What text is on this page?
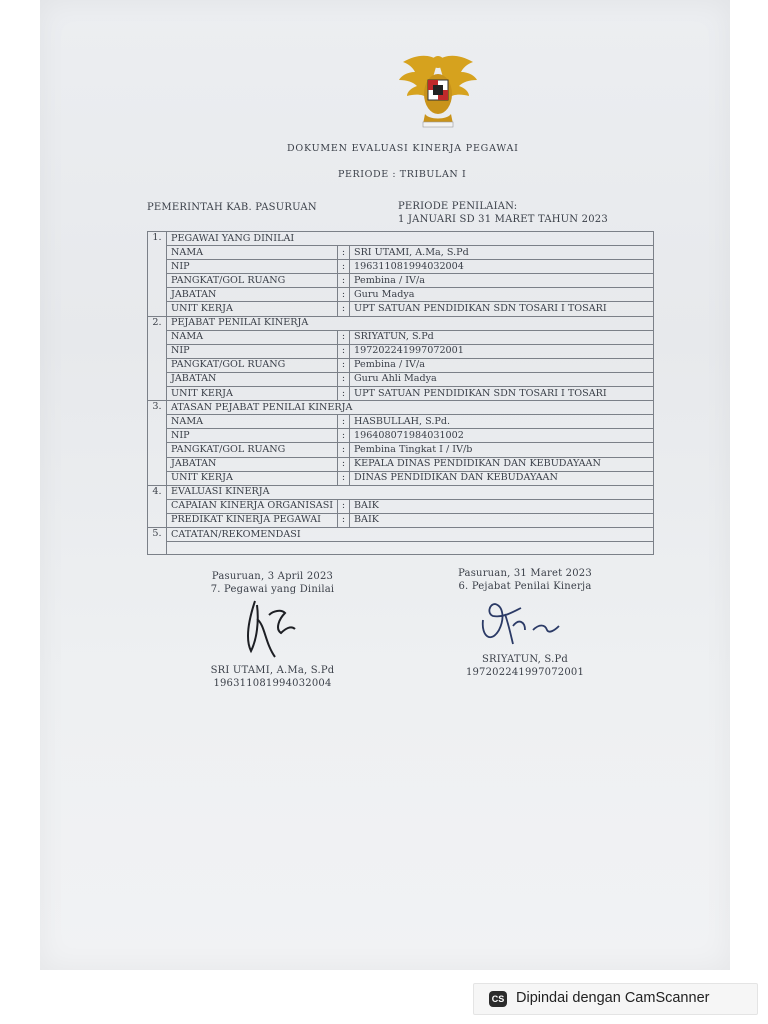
DOKUMEN EVALUASI KINERJA PEGAWAI
PERIODE : TRIBULAN I
PEMERINTAH KAB. PASURUAN	PERIODE PENILAIAN:
1 JANUARI SD 31 MARET TAHUN 2023
Pasuruan, 3 April 2023
7. Pegawai yang Dinilai
SRI UTAMI, A.Ma, S.Pd
196311081994032004
Pasuruan, 31 Maret 2023
6. Pejabat Penilai Kinerja
SRIYATUN, S.Pd
197202241997072001
1.	PEGAWAI YANG DINILAI		
	NAMA	:	SRI UTAMI, A.Ma, S.Pd
	NIP	:	196311081994032004
	PANGKAT/GOL RUANG	:	Pembina / IV/a
	JABATAN	:	Guru Madya
	UNIT KERJA	:	UPT SATUAN PENDIDIKAN SDN TOSARI I TOSARI
2.	PEJABAT PENILAI KINERJA		
	NAMA	:	SRIYATUN, S.Pd
	NIP	:	197202241997072001
	PANGKAT/GOL RUANG	:	Pembina / IV/a
	JABATAN	:	Guru Ahli Madya
	UNIT KERJA	:	UPT SATUAN PENDIDIKAN SDN TOSARI I TOSARI
3.	ATASAN PEJABAT PENILAI KINERJA		
	NAMA	:	HASBULLAH, S.Pd.
	NIP	:	196408071984031002
	PANGKAT/GOL RUANG	:	Pembina Tingkat I / IV/b
	JABATAN	:	KEPALA DINAS PENDIDIKAN DAN KEBUDAYAAN
	UNIT KERJA	:	DINAS PENDIDIKAN DAN KEBUDAYAAN
4.	EVALUASI KINERJA		
	CAPAIAN KINERJA ORGANISASI	:	BAIK
	PREDIKAT KINERJA PEGAWAI	:	BAIK
5.	CATATAN/REKOMENDASI		

CS Dipindai dengan CamScanner
